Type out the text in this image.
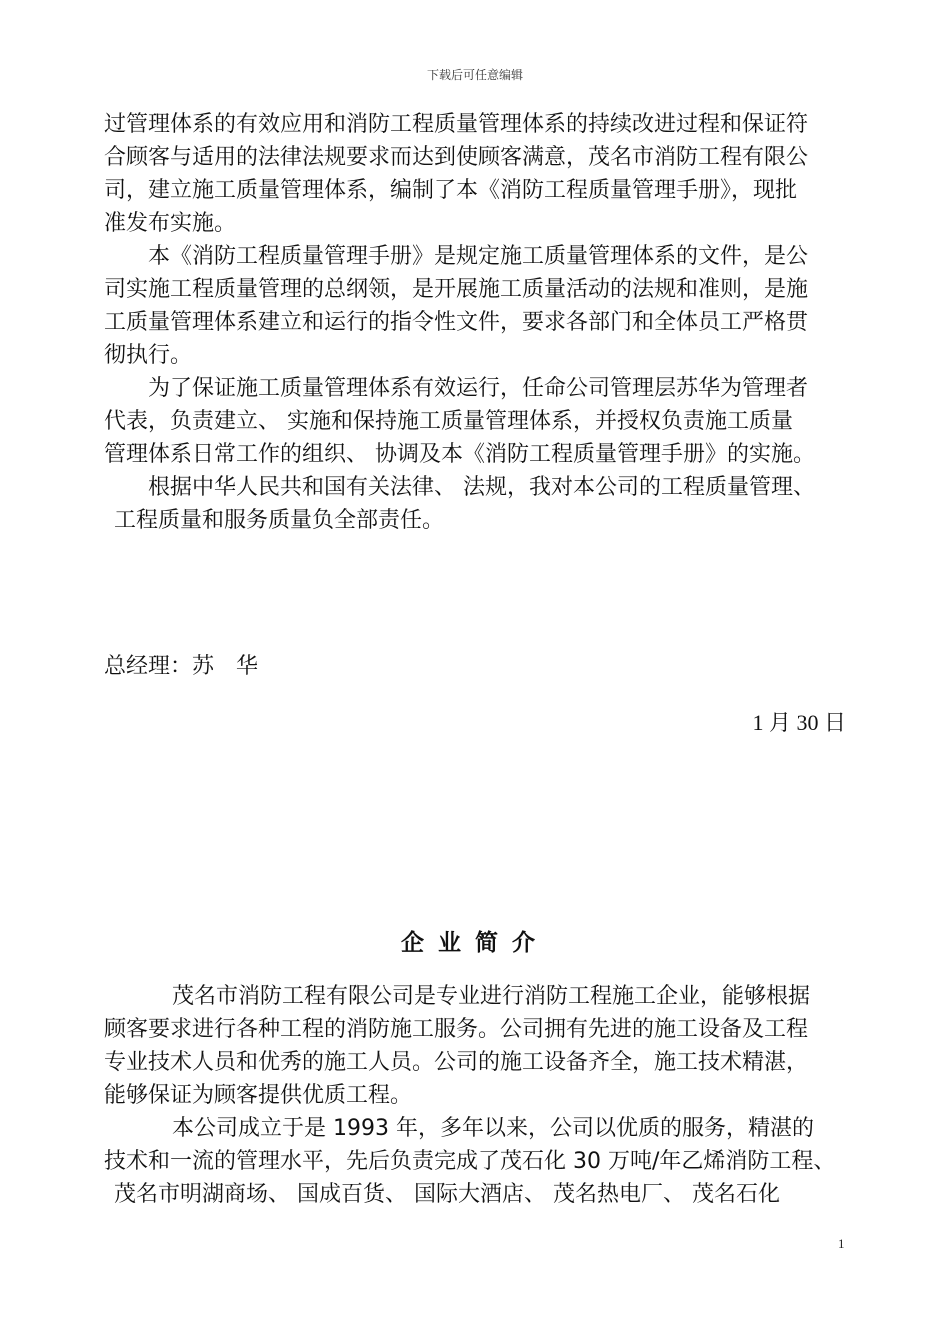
下载后可任意编辑
过管理体系的有效应用和消防工程质量管理体系的持续改进过程和保证符
合顾客与适用的法律法规要求而达到使顾客满意，茂名市消防工程有限公
司，建立施工质量管理体系，编制了本《消防工程质量管理手册》，现批
准发布实施。
本《消防工程质量管理手册》是规定施工质量管理体系的文件，是公
司实施工程质量管理的总纲领，是开展施工质量活动的法规和准则，是施
工质量管理体系建立和运行的指令性文件，要求各部门和全体员工严格贯
彻执行。
为了保证施工质量管理体系有效运行，任命公司管理层苏华为管理者
代表，负责建立、 实施和保持施工质量管理体系，并授权负责施工质量
管理体系日常工作的组织、 协调及本《消防工程质量管理手册》的实施。
根据中华人民共和国有关法律、 法规，我对本公司的工程质量管理、
工程质量和服务质量负全部责任。
总经理：苏　华
1 月 30 日
企业简介
茂名市消防工程有限公司是专业进行消防工程施工企业，能够根据
顾客要求进行各种工程的消防施工服务。公司拥有先进的施工设备及工程
专业技术人员和优秀的施工人员。公司的施工设备齐全，施工技术精湛，
能够保证为顾客提供优质工程。
本公司成立于是 1993 年，多年以来，公司以优质的服务，精湛的
技术和一流的管理水平，先后负责完成了茂石化 30 万吨/年乙烯消防工程、
茂名市明湖商场、 国成百货、 国际大酒店、 茂名热电厂、 茂名石化
1
